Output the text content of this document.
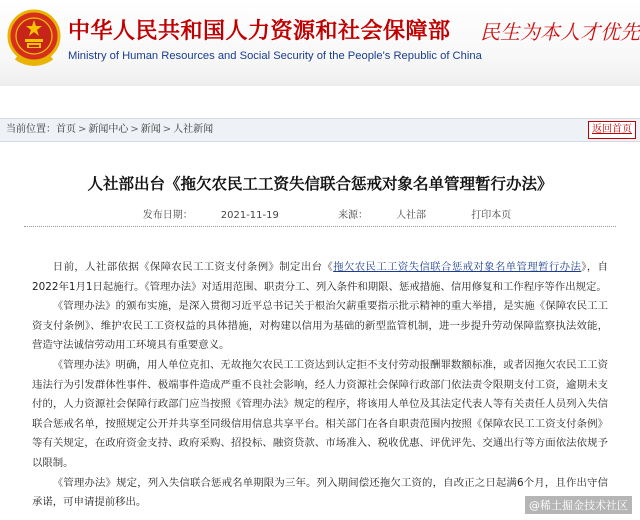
中华人民共和国人力资源和社会保障部
Ministry of Human Resources and Social Security of the People's Republic of China
民生为本 人才优先
当前位置：首页 > 新闻中心 > 新闻 > 人社新闻	返回首页
人社部出台《拖欠农民工工资失信联合惩戒对象名单管理暂行办法》
发布日期：	2021-11-19	来源：	人社部	打印本页

日前，人社部依据《保障农民工工资支付条例》制定出台《拖欠农民工工资失信联合惩戒对象名单管理暂行办法》，自2022年1月1日起施行。《管理办法》对适用范围、职责分工、列入条件和期限、惩戒措施、信用修复和工作程序等作出规定。

《管理办法》的颁布实施，是深入贯彻习近平总书记关于根治欠薪重要指示批示精神的重大举措，是实施《保障农民工工资支付条例》、维护农民工工资权益的具体措施，对构建以信用为基础的新型监管机制，进一步提升劳动保障监察执法效能，营造守法诚信劳动用工环境具有重要意义。

《管理办法》明确，用人单位克扣、无故拖欠农民工工资达到认定拒不支付劳动报酬罪数额标准，或者因拖欠农民工工资违法行为引发群体性事件、极端事件造成严重不良社会影响，经人力资源社会保障行政部门依法责令限期支付工资，逾期未支付的，人力资源社会保障行政部门应当按照《管理办法》规定的程序，将该用人单位及其法定代表人等有关责任人员列入失信联合惩戒名单，按照规定公开并共享至同级信用信息共享平台。相关部门在各自职责范围内按照《保障农民工工资支付条例》等有关规定，在政府资金支持、政府采购、招投标、融资贷款、市场准入、税收优惠、评优评先、交通出行等方面依法依规予以限制。

《管理办法》规定，列入失信联合惩戒名单期限为三年。列入期间偿还拖欠工资的，自改正之日起满6个月，且作出守信承诺，可申请提前移出。	@稀土掘金技术社区
